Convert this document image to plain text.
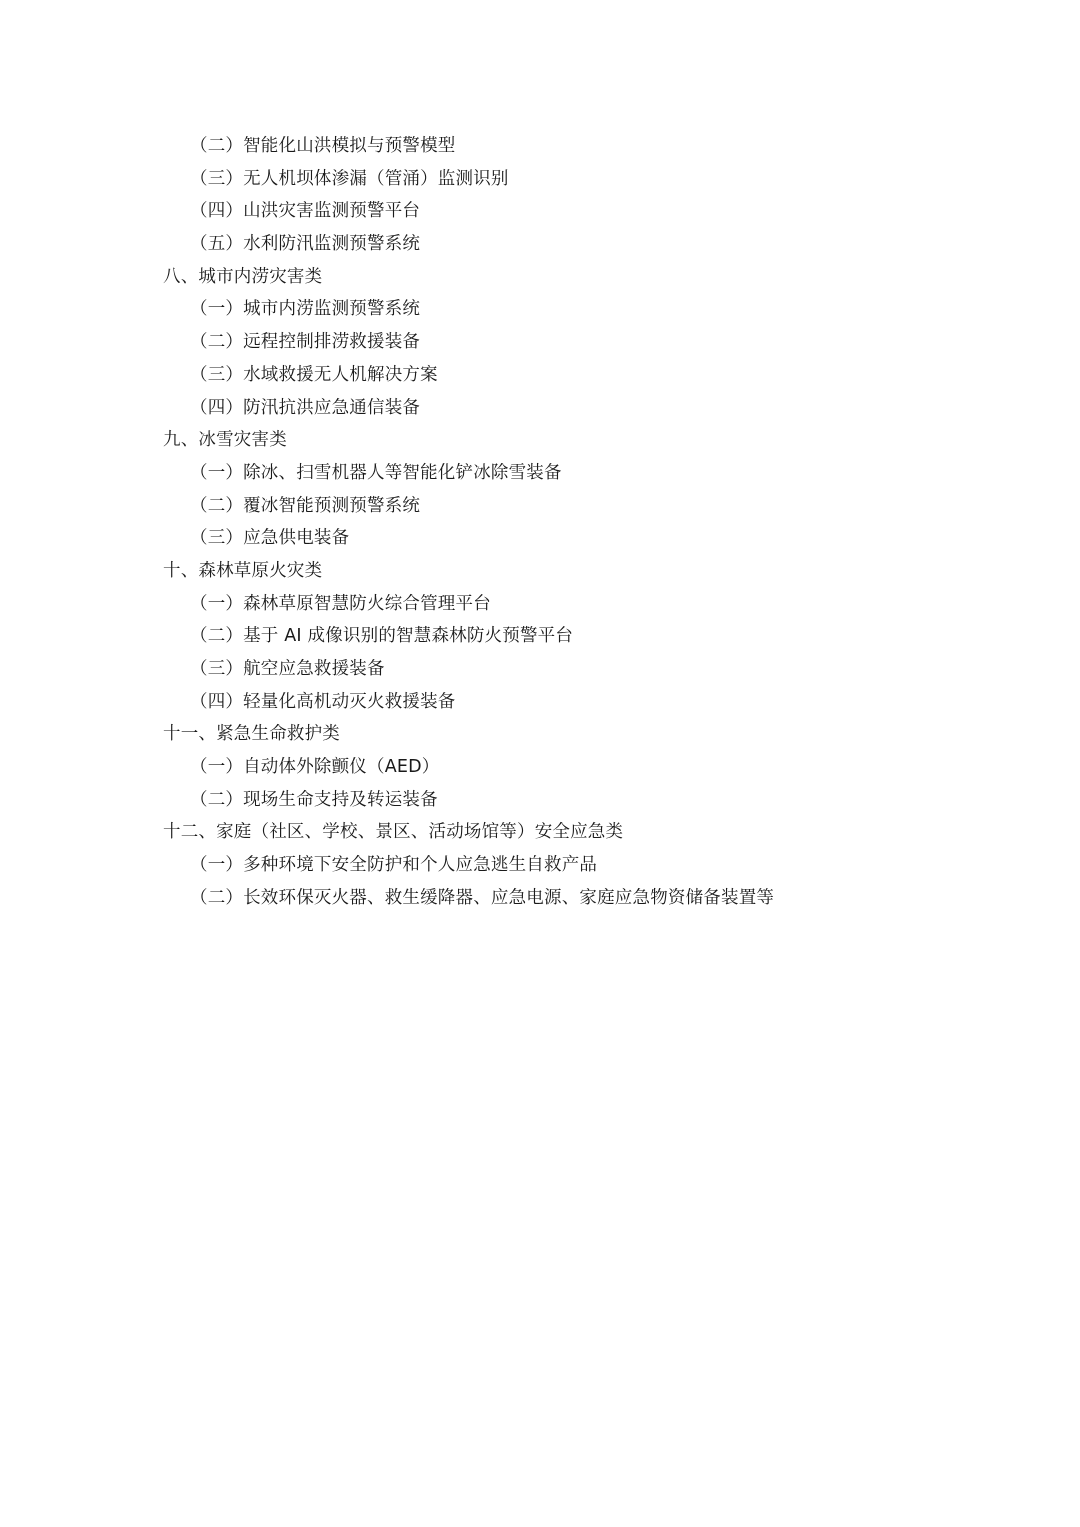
（二）智能化山洪模拟与预警模型
（三）无人机坝体渗漏（管涌）监测识别
（四）山洪灾害监测预警平台
（五）水利防汛监测预警系统
八、城市内涝灾害类
（一）城市内涝监测预警系统
（二）远程控制排涝救援装备
（三）水域救援无人机解决方案
（四）防汛抗洪应急通信装备
九、冰雪灾害类
（一）除冰、扫雪机器人等智能化铲冰除雪装备
（二）覆冰智能预测预警系统
（三）应急供电装备
十、森林草原火灾类
（一）森林草原智慧防火综合管理平台
（二）基于 AI 成像识别的智慧森林防火预警平台
（三）航空应急救援装备
（四）轻量化高机动灭火救援装备
十一、紧急生命救护类
（一）自动体外除颤仪（AED）
（二）现场生命支持及转运装备
十二、家庭（社区、学校、景区、活动场馆等）安全应急类
（一）多种环境下安全防护和个人应急逃生自救产品
（二）长效环保灭火器、救生缓降器、应急电源、家庭应急物资储备装置等
